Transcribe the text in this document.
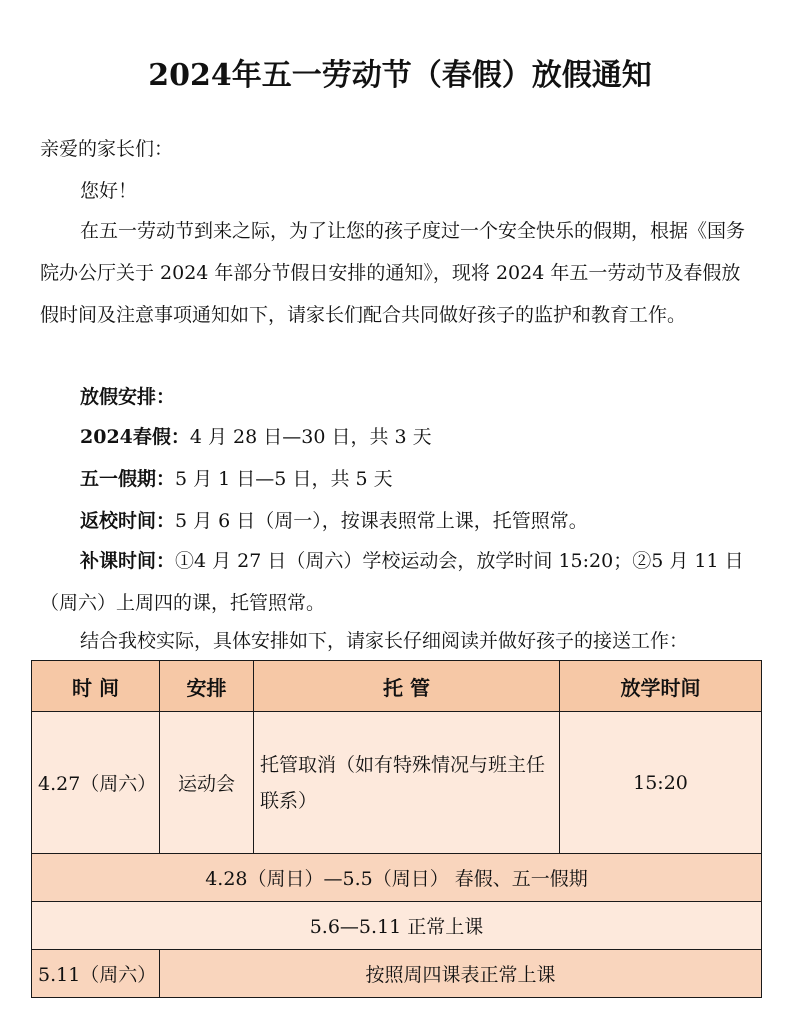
2024年五一劳动节（春假）放假通知

亲爱的家长们：

您好！

在五一劳动节到来之际，为了让您的孩子度过一个安全快乐的假期，根据《国务院办公厅关于 2024 年部分节假日安排的通知》，现将 2024 年五一劳动节及春假放假时间及注意事项通知如下，请家长们配合共同做好孩子的监护和教育工作。

放假安排：

2024春假：4 月 28 日—30 日，共 3 天

五一假期：5 月 1 日—5 日，共 5 天

返校时间：5 月 6 日（周一），按课表照常上课，托管照常。

补课时间：①4 月 27 日（周六）学校运动会，放学时间 15:20；②5 月 11 日（周六）上周四的课，托管照常。

结合我校实际，具体安排如下，请家长仔细阅读并做好孩子的接送工作：

时 间	安排	托 管	放学时间
4.27（周六）	运动会	托管取消（如有特殊情况与班主任联系）	15:20
4.28（周日）—5.5（周日） 春假、五一假期			
5.6—5.11 正常上课			
5.11（周六）	按照周四课表正常上课		
